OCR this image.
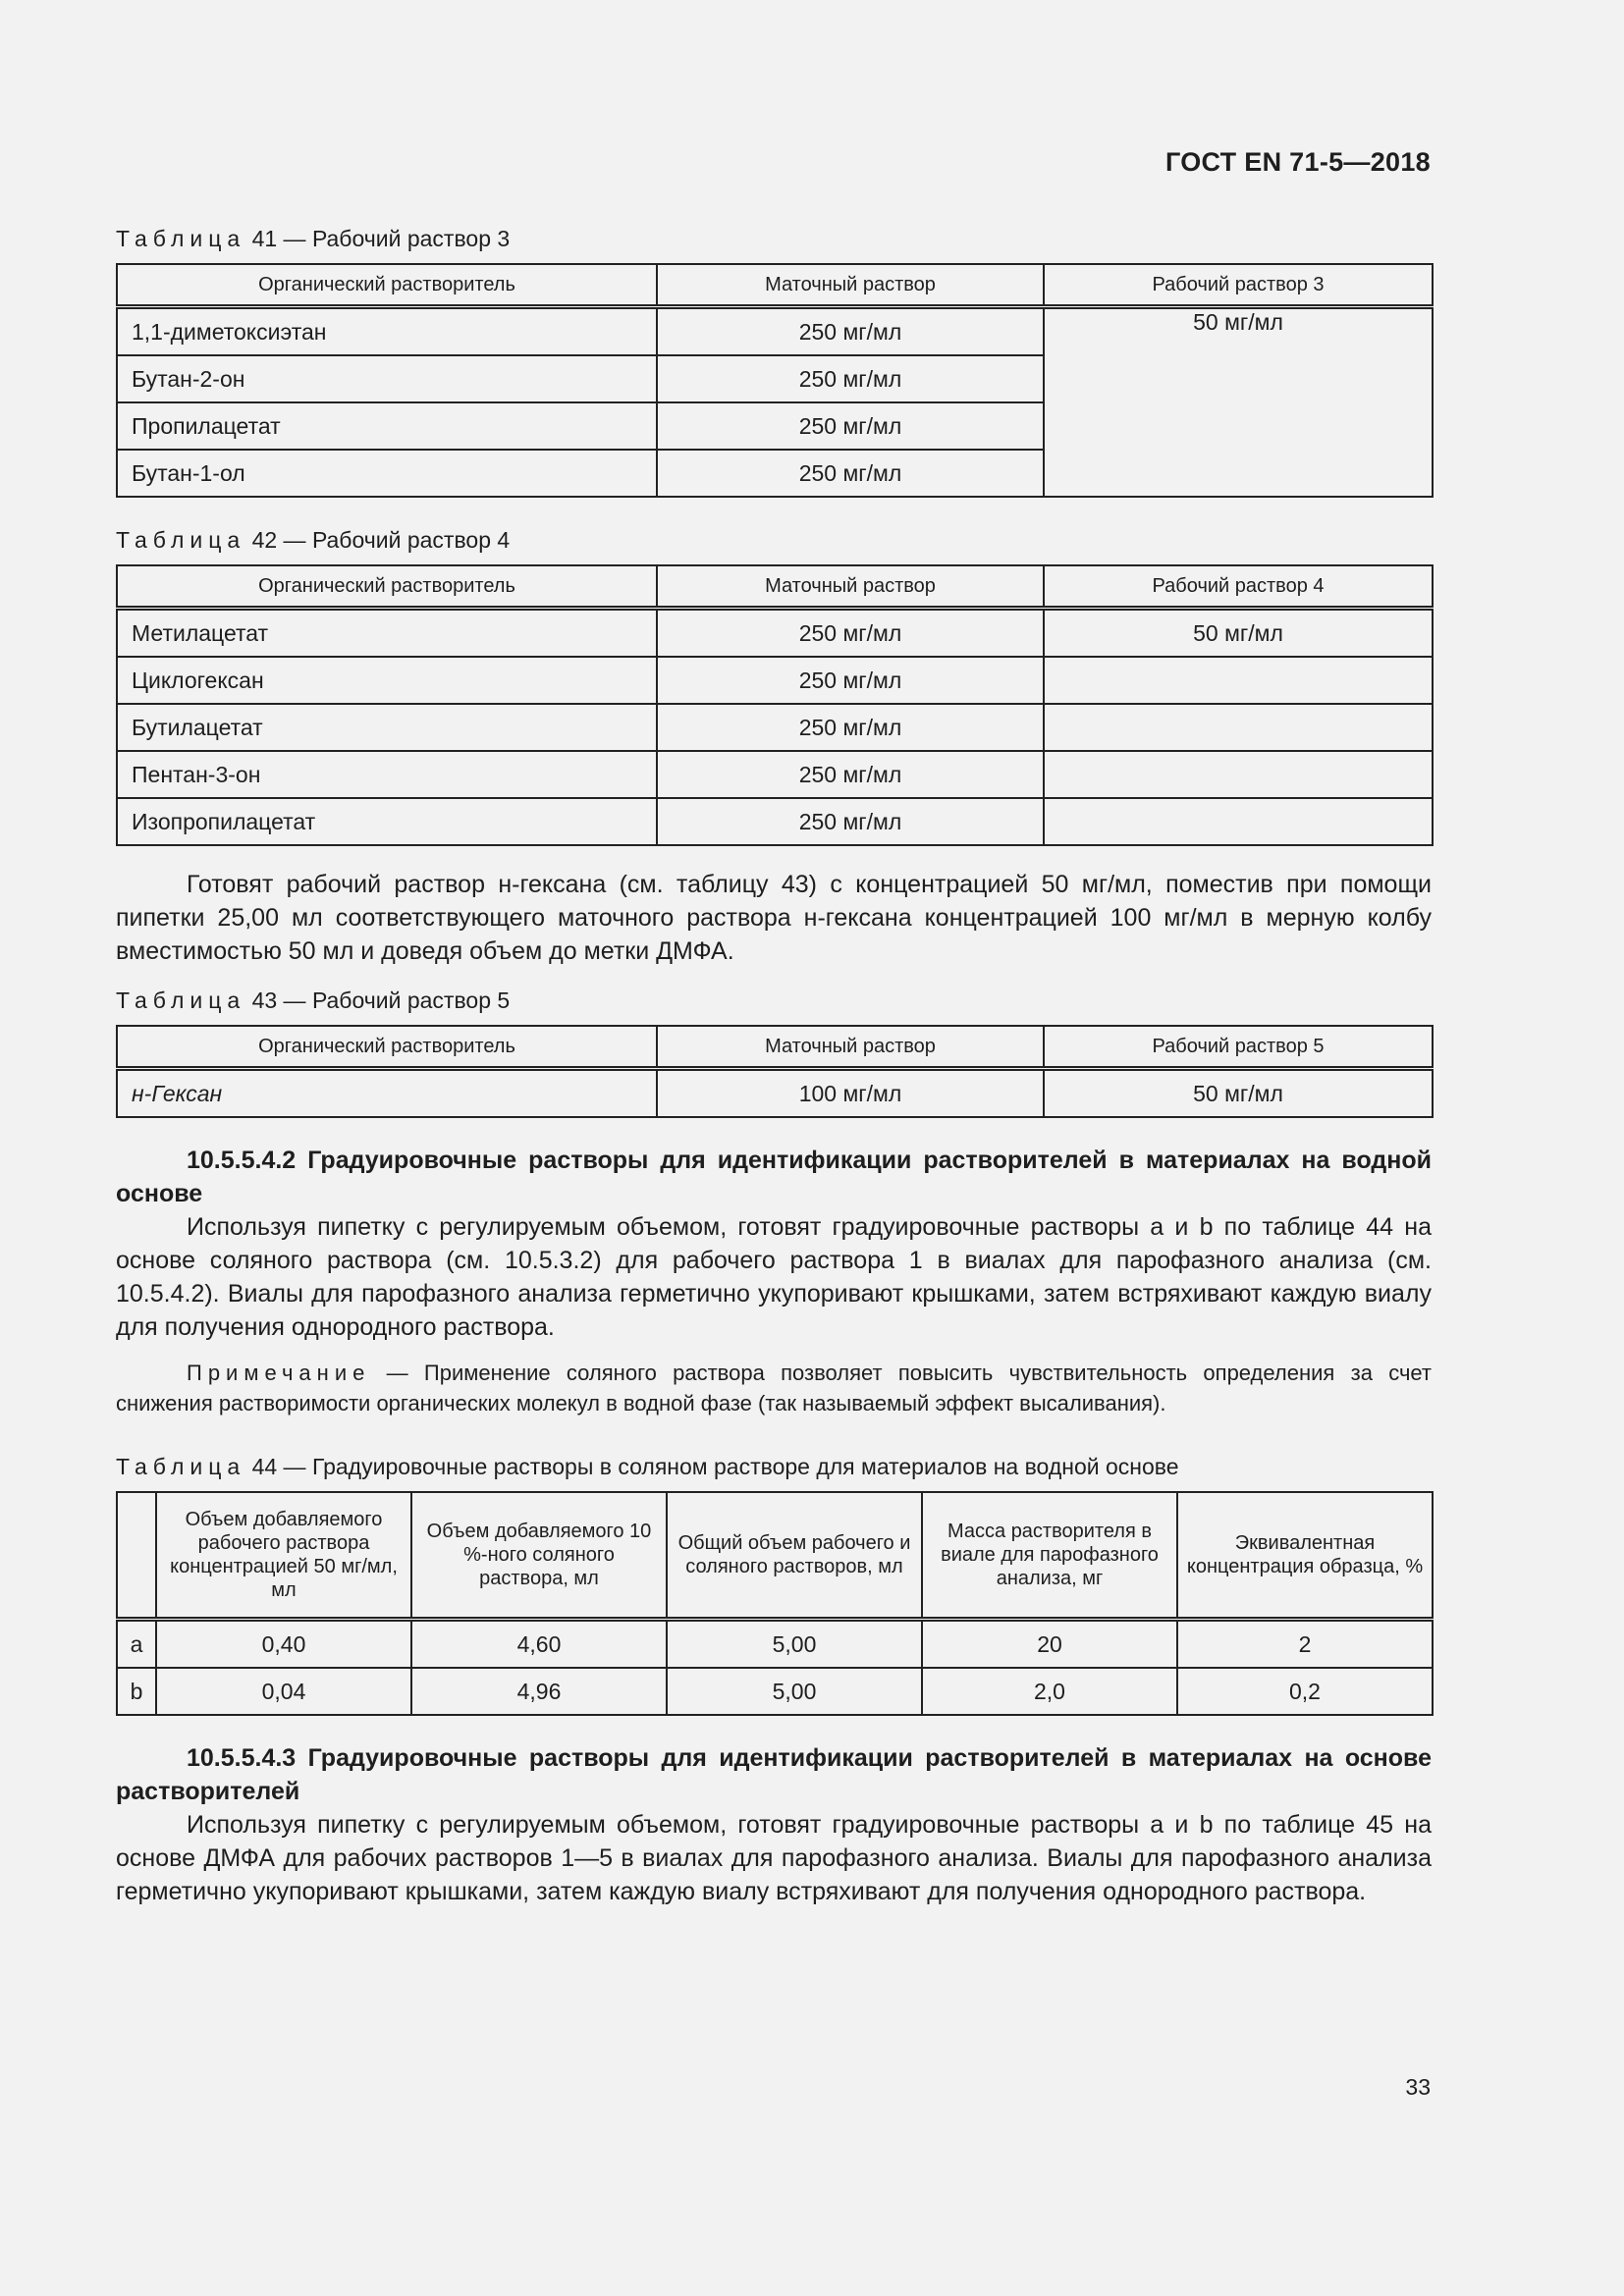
ГОСТ EN 71-5—2018
Таблица 41 — Рабочий раствор 3
Органический растворитель	Маточный раствор	Рабочий раствор 3
1,1-диметоксиэтан	250 мг/мл	50 мг/мл
Бутан-2-он	250 мг/мл	
Пропилацетат	250 мг/мл	
Бутан-1-ол	250 мг/мл	
Таблица 42 — Рабочий раствор 4
Органический растворитель	Маточный раствор	Рабочий раствор 4
Метилацетат	250 мг/мл	50 мг/мл
Циклогексан	250 мг/мл	
Бутилацетат	250 мг/мл	
Пентан-3-он	250 мг/мл	
Изопропилацетат	250 мг/мл	

Готовят рабочий раствор н-гексана (см. таблицу 43) с концентрацией 50 мг/мл, поместив при помощи пипетки 25,00 мл соответствующего маточного раствора н-гексана концентрацией 100 мг/мл в мерную колбу вместимостью 50 мл и доведя объем до метки ДМФА.

Таблица 43 — Рабочий раствор 5
Органический растворитель	Маточный раствор	Рабочий раствор 5
н-Гексан	100 мг/мл	50 мг/мл

10.5.5.4.2 Градуировочные растворы для идентификации растворителей в материалах на водной основе

Используя пипетку с регулируемым объемом, готовят градуировочные растворы a и b по таблице 44 на основе соляного раствора (см. 10.5.3.2) для рабочего раствора 1 в виалах для парофазного анализа (см. 10.5.4.2). Виалы для парофазного анализа герметично укупоривают крышками, затем встряхивают каждую виалу для получения однородного раствора.

Примечание — Применение соляного раствора позволяет повысить чувствительность определения за счет снижения растворимости органических молекул в водной фазе (так называемый эффект высаливания).

Таблица 44 — Градуировочные растворы в соляном растворе для материалов на водной основе
	Объем добавляемого рабочего раствора концентрацией 50 мг/мл, мл	Объем добавляемого 10 %-ного соляного раствора, мл	Общий объем рабочего и соляного растворов, мл	Масса растворителя в виале для парофазного анализа, мг	Эквивалентная концентрация образца, %
a	0,40	4,60	5,00	20	2
b	0,04	4,96	5,00	2,0	0,2

10.5.5.4.3 Градуировочные растворы для идентификации растворителей в материалах на основе растворителей

Используя пипетку с регулируемым объемом, готовят градуировочные растворы a и b по таблице 45 на основе ДМФА для рабочих растворов 1—5 в виалах для парофазного анализа. Виалы для парофазного анализа герметично укупоривают крышками, затем каждую виалу встряхивают для получения однородного раствора.

33
